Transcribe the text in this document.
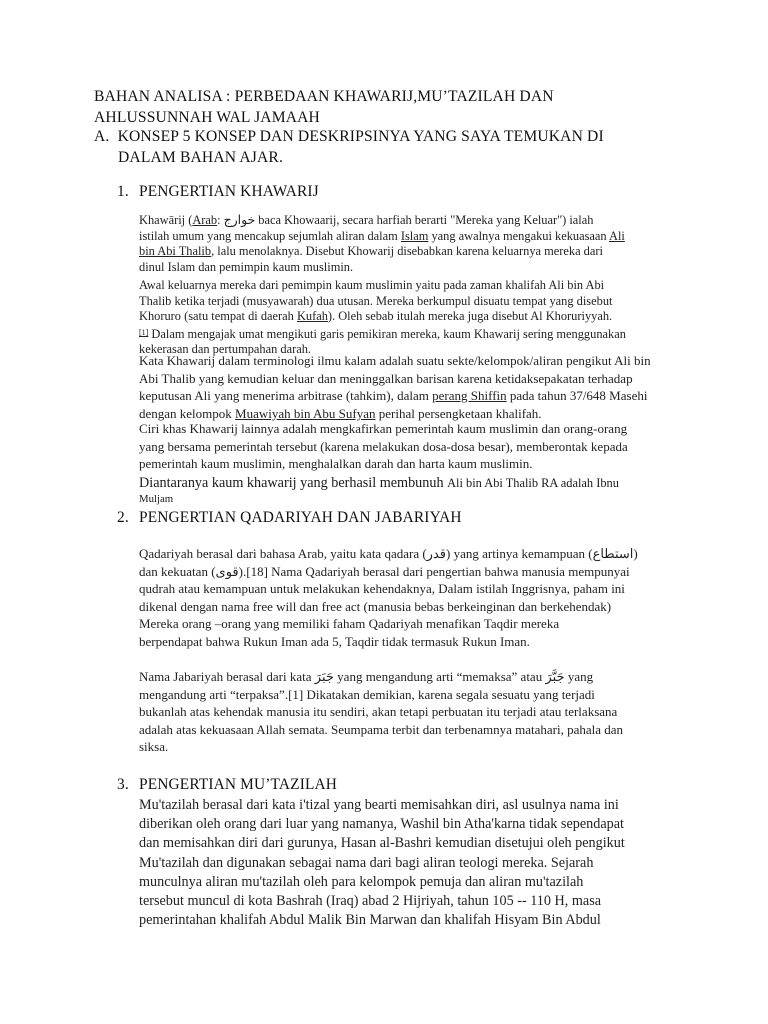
BAHAN ANALISA : PERBEDAAN KHAWARIJ,MU’TAZILAH DAN
AHLUSSUNNAH WAL JAMAAH
A. KONSEP 5 KONSEP DAN DESKRIPSINYA YANG SAYA TEMUKAN DI
DALAM BAHAN AJAR.
1. PENGERTIAN KHAWARIJ
Khawārij (Arab: خوارج baca Khowaarij, secara harfiah berarti "Mereka yang Keluar") ialah
istilah umum yang mencakup sejumlah aliran dalam Islam yang awalnya mengakui kekuasaan Ali
bin Abi Thalib, lalu menolaknya. Disebut Khowarij disebabkan karena keluarnya mereka dari
dinul Islam dan pemimpin kaum muslimin.
Awal keluarnya mereka dari pemimpin kaum muslimin yaitu pada zaman khalifah Ali bin Abi
Thalib ketika terjadi (musyawarah) dua utusan. Mereka berkumpul disuatu tempat yang disebut
Khoruro (satu tempat di daerah Kufah). Oleh sebab itulah mereka juga disebut Al Khoruriyyah.
[1] Dalam mengajak umat mengikuti garis pemikiran mereka, kaum Khawarij sering menggunakan
kekerasan dan pertumpahan darah.
Kata Khawarij dalam terminologi ilmu kalam adalah suatu sekte/kelompok/aliran pengikut Ali bin
Abi Thalib yang kemudian keluar dan meninggalkan barisan karena ketidaksepakatan terhadap
keputusan Ali yang menerima arbitrase (tahkim), dalam perang Shiffin pada tahun 37/648 Masehi
dengan kelompok Muawiyah bin Abu Sufyan perihal persengketaan khalifah.
Ciri khas Khawarij lainnya adalah mengkafirkan pemerintah kaum muslimin dan orang-orang
yang bersama pemerintah tersebut (karena melakukan dosa-dosa besar), memberontak kepada
pemerintah kaum muslimin, menghalalkan darah dan harta kaum muslimin.
Diantaranya kaum khawarij yang berhasil membunuh Ali bin Abi Thalib RA adalah Ibnu
Muljam
2. PENGERTIAN QADARIYAH DAN JABARIYAH
Qadariyah berasal dari bahasa Arab, yaitu kata qadara (قدر) yang artinya kemampuan (استطاع)
dan kekuatan (قوى).[18] Nama Qadariyah berasal dari pengertian bahwa manusia mempunyai
qudrah atau kemampuan untuk melakukan kehendaknya, Dalam istilah Inggrisnya, paham ini
dikenal dengan nama free will dan free act (manusia bebas berkeinginan dan berkehendak)
Mereka orang –orang yang memiliki faham Qadariyah menafikan Taqdir mereka
berpendapat bahwa Rukun Iman ada 5, Taqdir tidak termasuk Rukun Iman.
Nama Jabariyah berasal dari kata جَبَرَ yang mengandung arti “memaksa” atau جَبَّرَ yang
mengandung arti “terpaksa”.[1] Dikatakan demikian, karena segala sesuatu yang terjadi
bukanlah atas kehendak manusia itu sendiri, akan tetapi perbuatan itu terjadi atau terlaksana
adalah atas kekuasaan Allah semata. Seumpama terbit dan terbenamnya matahari, pahala dan
siksa.
3. PENGERTIAN MU’TAZILAH
Mu'tazilah berasal dari kata i'tizal yang bearti memisahkan diri, asl usulnya nama ini
diberikan oleh orang dari luar yang namanya, Washil bin Atha'karna tidak sependapat
dan memisahkan diri dari gurunya, Hasan al-Bashri kemudian disetujui oleh pengikut
Mu'tazilah dan digunakan sebagai nama dari bagi aliran teologi mereka. Sejarah
munculnya aliran mu'tazilah oleh para kelompok pemuja dan aliran mu'tazilah
tersebut muncul di kota Bashrah (Iraq) abad 2 Hijriyah, tahun 105 -- 110 H, masa
pemerintahan khalifah Abdul Malik Bin Marwan dan khalifah Hisyam Bin Abdul
